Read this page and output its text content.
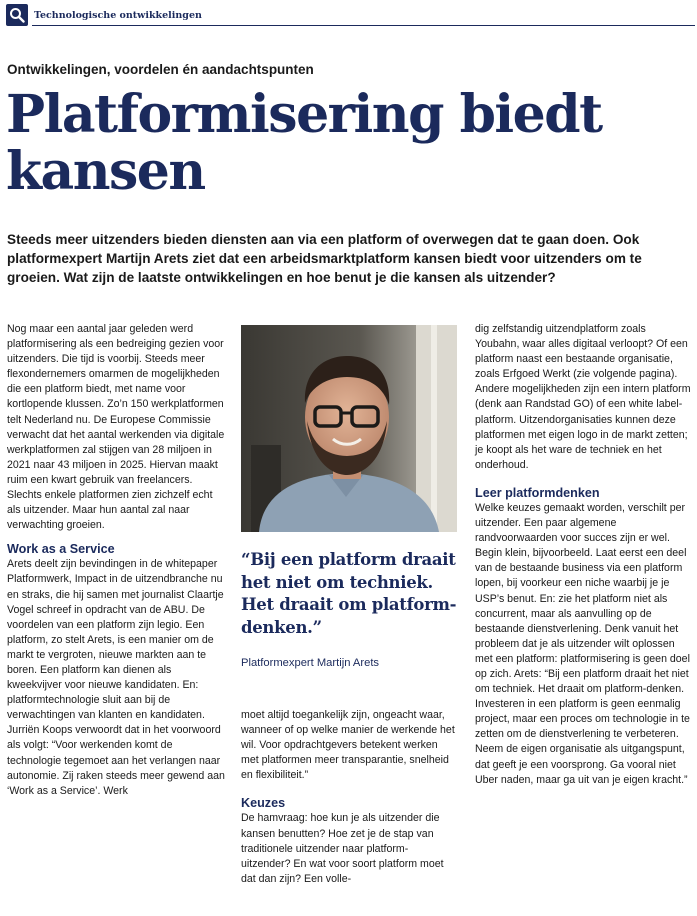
Technologische ontwikkelingen
Ontwikkelingen, voordelen én aandachtspunten
Platformisering biedt kansen

Steeds meer uitzenders bieden diensten aan via een platform of overwegen dat te gaan doen. Ook platformexpert Martijn Arets ziet dat een arbeidsmarktplatform kansen biedt voor uitzenders om te groeien. Wat zijn de laatste ontwikkelingen en hoe benut je die kansen als uitzender?

Nog maar een aantal jaar geleden werd platformisering als een bedreiging gezien voor uitzenders. Die tijd is voorbij. Steeds meer flexondernemers omarmen de mogelijkheden die een platform biedt, met name voor kortlopende klussen. Zo’n 150 werkplatformen telt Nederland nu. De Europese Commissie verwacht dat het aantal werkenden via digitale werkplatformen zal stijgen van 28 miljoen in 2021 naar 43 miljoen in 2025. Hiervan maakt ruim een kwart gebruik van freelancers. Slechts enkele platformen zien zichzelf echt als uitzender. Maar hun aantal zal naar verwachting groeien.

Work as a Service

Arets deelt zijn bevindingen in de whitepaper Platformwerk, Impact in de uitzendbranche nu en straks, die hij samen met journalist Claartje Vogel schreef in opdracht van de ABU. De voordelen van een platform zijn legio. Een platform, zo stelt Arets, is een manier om de markt te vergroten, nieuwe markten aan te boren. Een platform kan dienen als kweekvijver voor nieuwe kandidaten. En: platformtechnologie sluit aan bij de verwachtingen van klanten en kandidaten. Jurriën Koops verwoordt dat in het voorwoord als volgt: “Voor werkenden komt de technologie tegemoet aan het verlangen naar autonomie. Zij raken steeds meer gewend aan ‘Work as a Service’. Werk

“Bij een platform draait het niet om techniek. Het draait om platform-denken.”

Platformexpert Martijn Arets

moet altijd toegankelijk zijn, ongeacht waar, wanneer of op welke manier de werkende het wil. Voor opdrachtgevers betekent werken met platformen meer transparantie, snelheid en flexibiliteit.”

Keuzes

De hamvraag: hoe kun je als uitzender die kansen benutten? Hoe zet je de stap van traditionele uitzender naar platform-uitzender? En wat voor soort platform moet dat dan zijn? Een volle-

dig zelfstandig uitzendplatform zoals Youbahn, waar alles digitaal verloopt? Of een platform naast een bestaande organisatie, zoals Erfgoed Werkt (zie volgende pagina). Andere mogelijkheden zijn een intern platform (denk aan Randstad GO) of een white label-platform. Uitzendorganisaties kunnen deze platformen met eigen logo in de markt zetten; je koopt als het ware de techniek en het onderhoud.

Leer platformdenken

Welke keuzes gemaakt worden, verschilt per uitzender. Een paar algemene randvoorwaarden voor succes zijn er wel. Begin klein, bijvoorbeeld. Laat eerst een deel van de bestaande business via een platform lopen, bij voorkeur een niche waarbij je je USP’s benut. En: zie het platform niet als concurrent, maar als aanvulling op de bestaande dienstverlening. Denk vanuit het probleem dat je als uitzender wilt oplossen met een platform: platformisering is geen doel op zich. Arets: “Bij een platform draait het niet om techniek. Het draait om platform-denken. Investeren in een platform is geen eenmalig project, maar een proces om technologie in te zetten om de dienstverlening te verbeteren. Neem de eigen organisatie als uitgangspunt, dat geeft je een voorsprong. Ga vooral niet Uber naden, maar ga uit van je eigen kracht.”
